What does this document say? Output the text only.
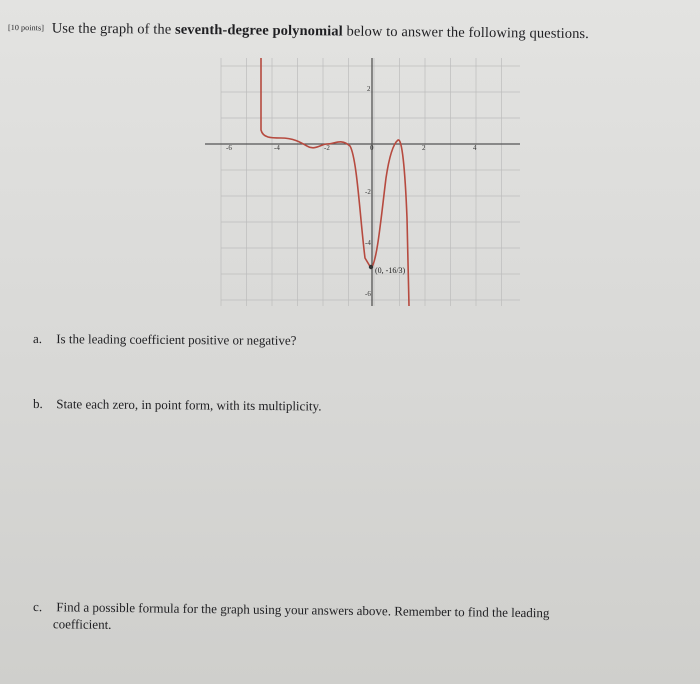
[10 points] Use the graph of the seventh-degree polynomial below to answer the following questions.
-6	-4	-2	0	2	4
2
-2
-4
-6
(0, -16/3)
a. Is the leading coefficient positive or negative?
b. State each zero, in point form, with its multiplicity.
c. Find a possible formula for the graph using your answers above. Remember to find the leading
coefficient.
